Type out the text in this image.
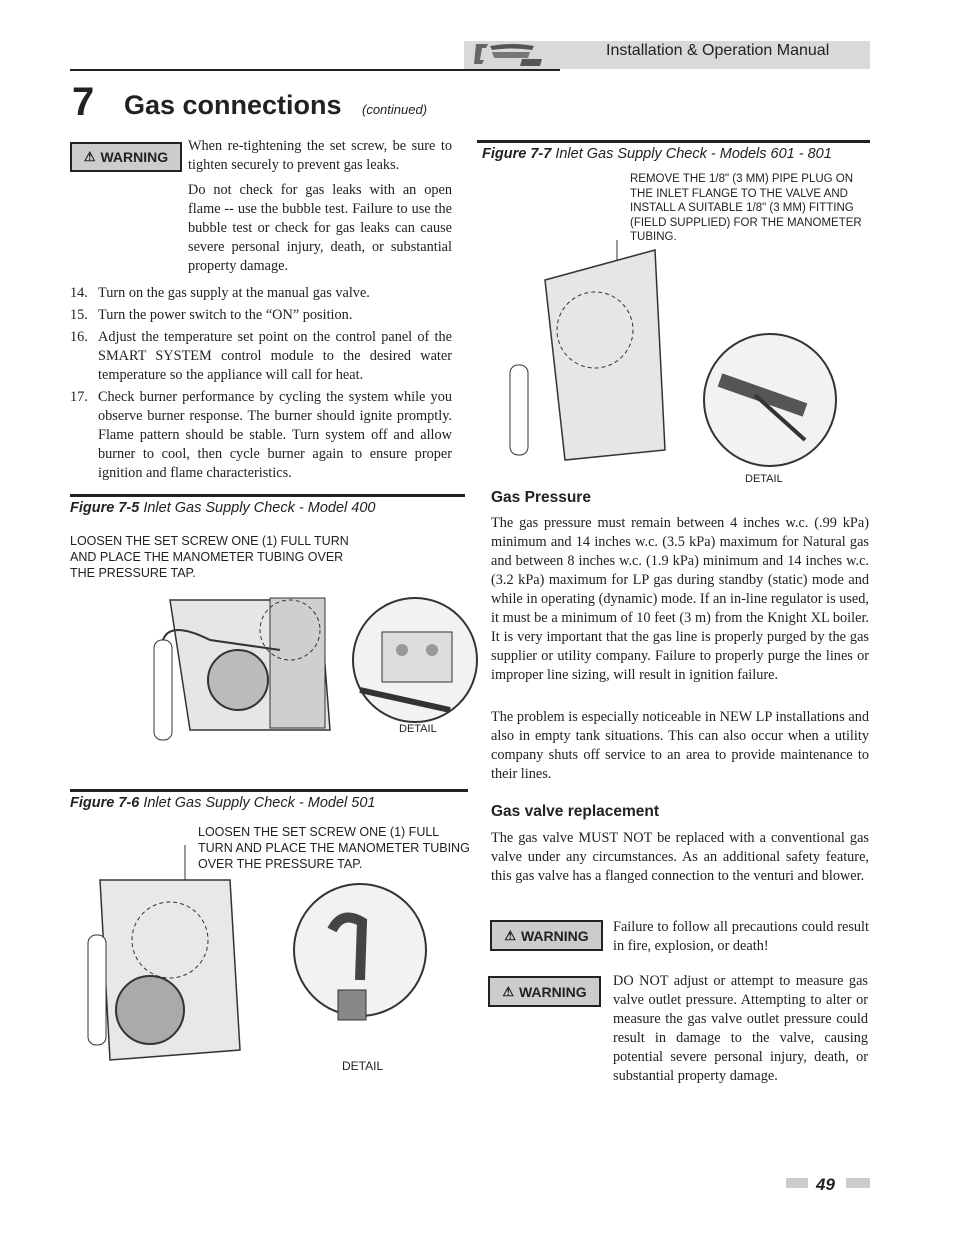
Installation & Operation Manual
7 Gas connections (continued)
⚠ WARNING
When re-tightening the set screw, be sure to tighten securely to prevent gas leaks.
Do not check for gas leaks with an open flame -- use the bubble test. Failure to use the bubble test or check for gas leaks can cause severe personal injury, death, or substantial property damage.
14. Turn on the gas supply at the manual gas valve.
15. Turn the power switch to the “ON” position.
16. Adjust the temperature set point on the control panel of the SMART SYSTEM control module to the desired water temperature so the appliance will call for heat.
17. Check burner performance by cycling the system while you observe burner response. The burner should ignite promptly. Flame pattern should be stable. Turn system off and allow burner to cool, then cycle burner again to ensure proper ignition and flame characteristics.
Figure 7-5 Inlet Gas Supply Check - Model 400
LOOSEN THE SET SCREW ONE (1) FULL TURN AND PLACE THE MANOMETER TUBING OVER THE PRESSURE TAP.
DETAIL
Figure 7-6 Inlet Gas Supply Check - Model 501
LOOSEN THE SET SCREW ONE (1) FULL TURN AND PLACE THE MANOMETER TUBING OVER THE PRESSURE TAP.
DETAIL
Figure 7-7 Inlet Gas Supply Check - Models 601 - 801
REMOVE THE 1/8" (3 MM) PIPE PLUG ON THE INLET FLANGE TO THE VALVE AND INSTALL A SUITABLE 1/8" (3 MM) FITTING (FIELD SUPPLIED) FOR THE MANOMETER TUBING.
DETAIL
Gas Pressure
The gas pressure must remain between 4 inches w.c. (.99 kPa) minimum and 14 inches w.c. (3.5 kPa) maximum for Natural gas and between 8 inches w.c. (1.9 kPa) minimum and 14 inches w.c. (3.2 kPa) maximum for LP gas during standby (static) mode and while in operating (dynamic) mode. If an in-line regulator is used, it must be a minimum of 10 feet (3 m) from the Knight XL boiler. It is very important that the gas line is properly purged by the gas supplier or utility company. Failure to properly purge the lines or improper line sizing, will result in ignition failure.
The problem is especially noticeable in NEW LP installations and also in empty tank situations. This can also occur when a utility company shuts off service to an area to provide maintenance to their lines.
Gas valve replacement
The gas valve MUST NOT be replaced with a conventional gas valve under any circumstances. As an additional safety feature, this gas valve has a flanged connection to the venturi and blower.
⚠ WARNING
Failure to follow all precautions could result in fire, explosion, or death!
⚠ WARNING
DO NOT adjust or attempt to measure gas valve outlet pressure. Attempting to alter or measure the gas valve outlet pressure could result in damage to the valve, causing potential severe personal injury, death, or substantial property damage.
49
